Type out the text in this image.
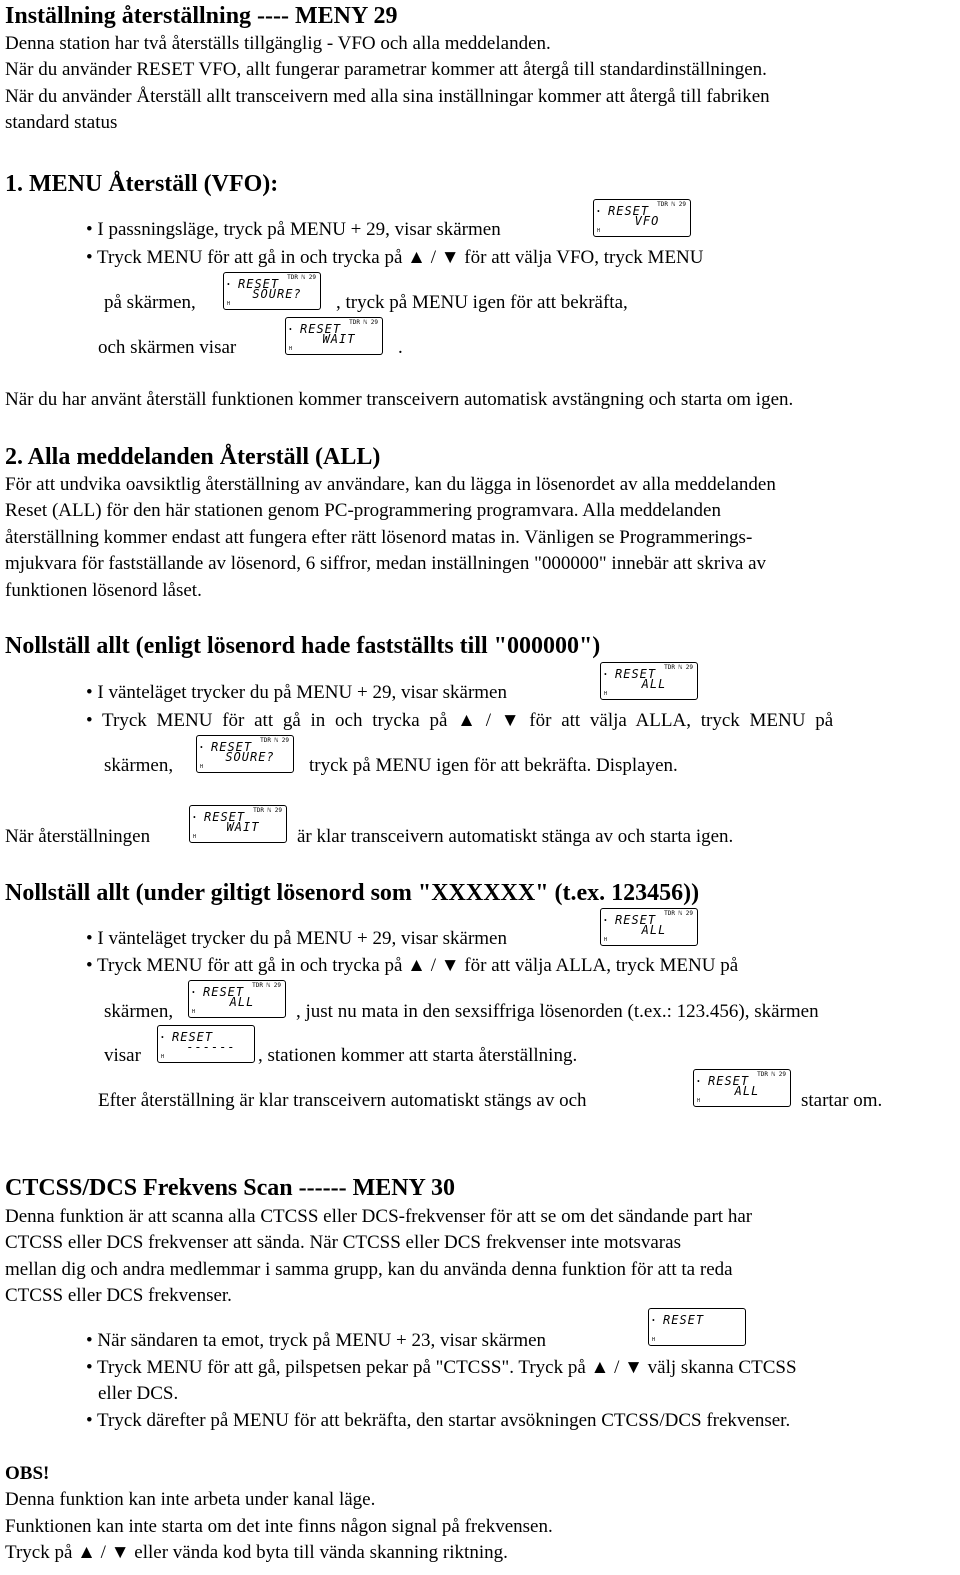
Inställning återställning ---- MENY 29
Denna station har två återställs tillgänglig - VFO och alla meddelanden.
När du använder RESET VFO, allt fungerar parametrar kommer att återgå till standardinställningen.
När du använder Återställ allt transceivern med alla sina inställningar kommer att återgå till fabriken
standard status
1. MENU Återställ (VFO):
• I passningsläge, tryck på MENU + 29, visar skärmen
TDR ℕ 29
• RESET
VFO
H
• Tryck MENU för att gå in och trycka på ▲ / ▼ för att välja VFO, tryck MENU
på skärmen,
TDR ℕ 29
• RESET
SOURE?
H	, tryck på MENU igen för att bekräfta,
och skärmen visar
TDR ℕ 29
• RESET
WAIT
H	.
När du har använt återställ funktionen kommer transceivern automatisk avstängning och starta om igen.
2. Alla meddelanden Återställ (ALL)
För att undvika oavsiktlig återställning av användare, kan du lägga in lösenordet av alla meddelanden
Reset (ALL) för den här stationen genom PC-programmering programvara. Alla meddelanden
återställning kommer endast att fungera efter rätt lösenord matas in. Vänligen se Programmerings-
mjukvara för fastställande av lösenord, 6 siffror, medan inställningen "000000" innebär att skriva av
funktionen lösenord låset.
Nollställ allt (enligt lösenord hade fastställts till "000000")
• I vänteläget trycker du på MENU + 29, visar skärmen
TDR ℕ 29
• RESET
ALL
H
• Tryck MENU för att gå in och trycka på ▲ / ▼ för att välja ALLA, tryck MENU på
skärmen,
TDR ℕ 29
• RESET
SOURE?
H	tryck på MENU igen för att bekräfta. Displayen.
När återställningen
TDR ℕ 29
• RESET
WAIT
H	är klar transceivern automatiskt stänga av och starta igen.
Nollställ allt (under giltigt lösenord som "XXXXXX" (t.ex. 123456))
• I vänteläget trycker du på MENU + 29, visar skärmen
TDR ℕ 29
• RESET
ALL
H
• Tryck MENU för att gå in och trycka på ▲ / ▼ för att välja ALLA, tryck MENU på
skärmen,
TDR ℕ 29
• RESET
ALL
H	, just nu mata in den sexsiffriga lösenorden (t.ex.: 123.456), skärmen
visar
• RESET
------
H	, stationen kommer att starta återställning.
Efter återställning är klar transceivern automatiskt stängs av och
TDR ℕ 29
• RESET
ALL
H	startar om.
CTCSS/DCS Frekvens Scan ------ MENY 30
Denna funktion är att scanna alla CTCSS eller DCS-frekvenser för att se om det sändande part har
CTCSS eller DCS frekvenser att sända. När CTCSS eller DCS frekvenser inte motsvaras
mellan dig och andra medlemmar i samma grupp, kan du använda denna funktion för att ta reda
CTCSS eller DCS frekvenser.
• När sändaren ta emot, tryck på MENU + 23, visar skärmen
• RESET
H
• Tryck MENU för att gå, pilspetsen pekar på "CTCSS". Tryck på ▲ / ▼ välj skanna CTCSS
eller DCS.
• Tryck därefter på MENU för att bekräfta, den startar avsökningen CTCSS/DCS frekvenser.
OBS!
Denna funktion kan inte arbeta under kanal läge.
Funktionen kan inte starta om det inte finns någon signal på frekvensen.
Tryck på ▲ / ▼ eller vända kod byta till vända skanning riktning.
